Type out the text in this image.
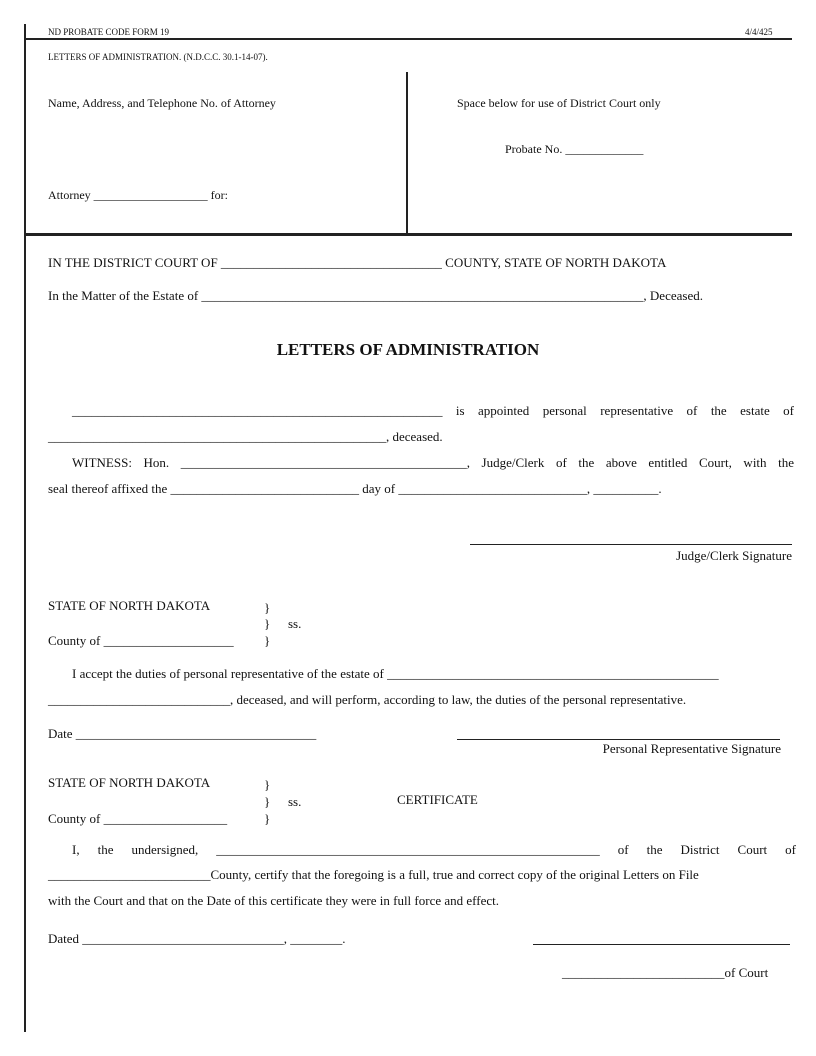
ND PROBATE CODE FORM 19	4/4/425
LETTERS OF ADMINISTRATION. (N.D.C.C. 30.1-14-07).
Name, Address, and Telephone No. of Attorney
Attorney ___________________ for:
Space below for use of District Court only
Probate No. _____________
IN THE DISTRICT COURT OF __________________________________ COUNTY, STATE OF NORTH DAKOTA
In the Matter of the Estate of ____________________________________________________________________, Deceased.
LETTERS OF ADMINISTRATION
_________________________________________________________ is appointed personal representative of the estate of
____________________________________________________, deceased.
WITNESS: Hon. ____________________________________________, Judge/Clerk of the above entitled Court, with the
seal thereof affixed the _____________________________ day of _____________________________, __________.
Judge/Clerk Signature
STATE OF NORTH DAKOTA	}
} ss.
}
County of ____________________
I accept the duties of personal representative of the estate of ___________________________________________________
____________________________, deceased, and will perform, according to law, the duties of the personal representative.
Date _____________________________________
Personal Representative Signature
STATE OF NORTH DAKOTA	}
} ss.	CERTIFICATE
}
County of ___________________
I, the undersigned, ___________________________________________________________ of the District Court of
_________________________County, certify that the foregoing is a full, true and correct copy of the original Letters on File
with the Court and that on the Date of this certificate they were in full force and effect.
Dated _______________________________, ________.
_________________________of Court
